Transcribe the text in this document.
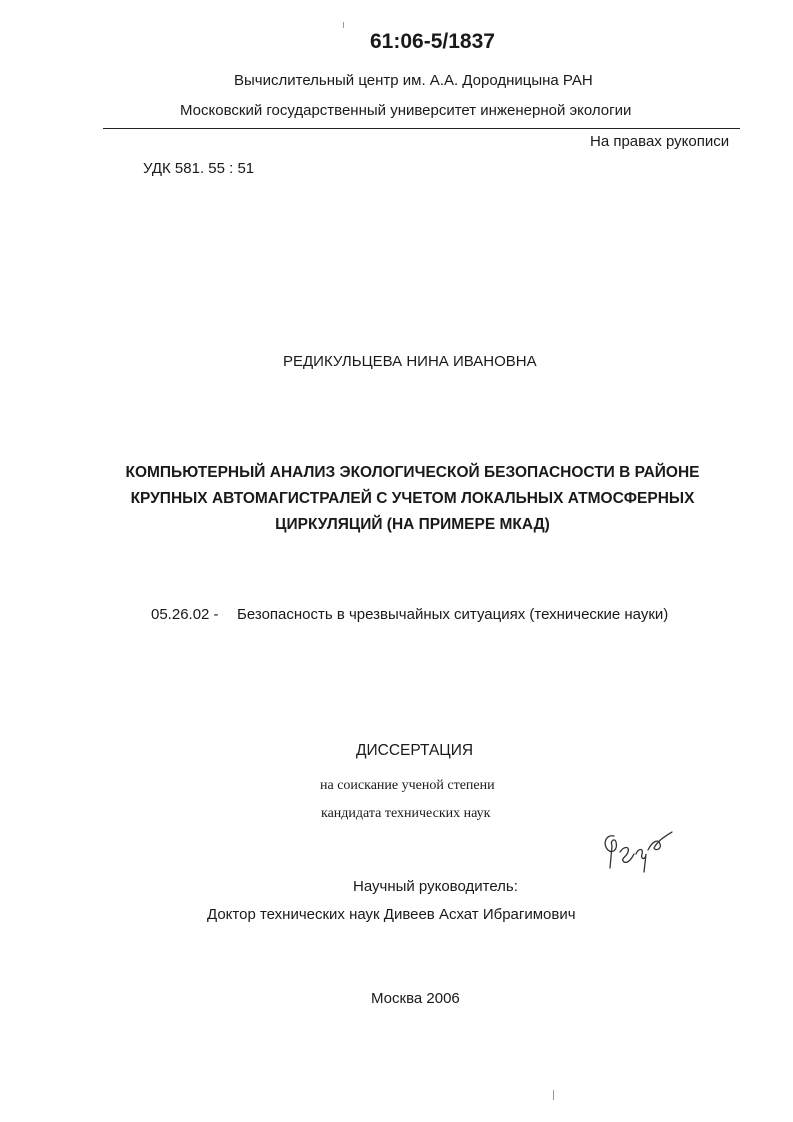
61:06-5/1837
Вычислительный центр им. А.А. Дородницына РАН
Московский государственный университет инженерной экологии
На правах рукописи
УДК 581. 55 : 51
РЕДИКУЛЬЦЕВА НИНА ИВАНОВНА
КОМПЬЮТЕРНЫЙ АНАЛИЗ ЭКОЛОГИЧЕСКОЙ БЕЗОПАСНОСТИ В РАЙОНЕ КРУПНЫХ АВТОМАГИСТРАЛЕЙ С УЧЕТОМ ЛОКАЛЬНЫХ АТМОСФЕРНЫХ ЦИРКУЛЯЦИЙ (НА ПРИМЕРЕ МКАД)
05.26.02 - Безопасность в чрезвычайных ситуациях (технические науки)
ДИССЕРТАЦИЯ
на соискание ученой степени
кандидата технических наук
Научный руководитель:
Доктор технических наук Дивеев Асхат Ибрагимович
Москва 2006
